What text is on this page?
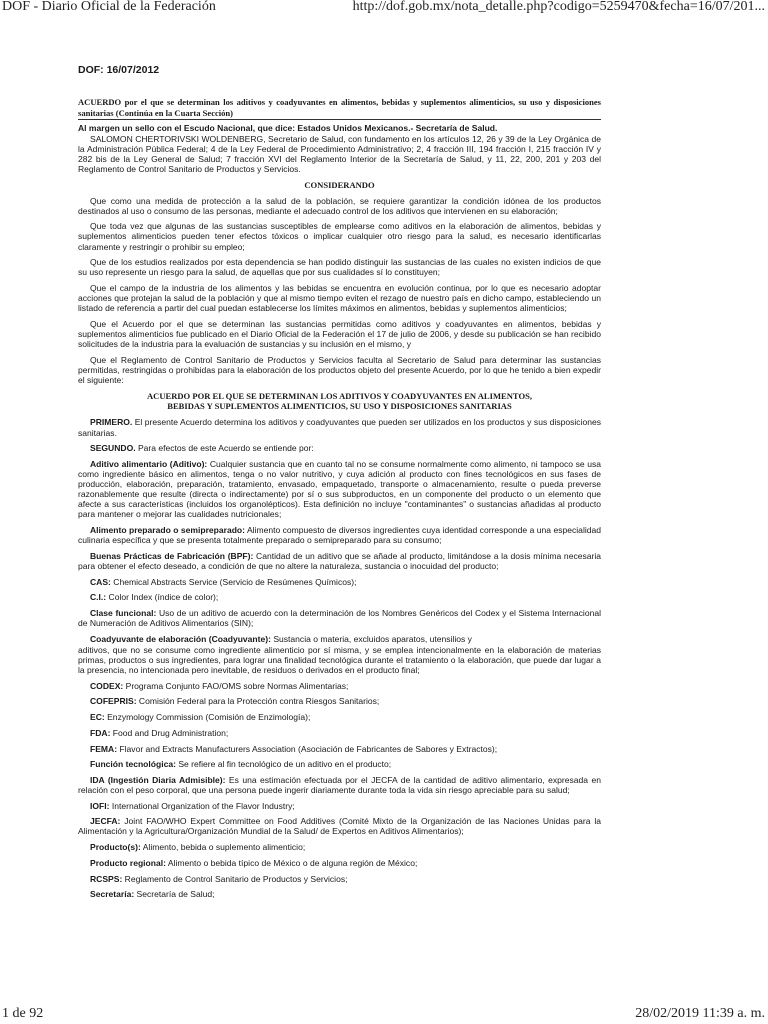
DOF - Diario Oficial de la Federación	http://dof.gob.mx/nota_detalle.php?codigo=5259470&fecha=16/07/201...
DOF: 16/07/2012
ACUERDO por el que se determinan los aditivos y coadyuvantes en alimentos, bebidas y suplementos alimenticios, su uso y disposiciones sanitarias (Continúa en la Cuarta Sección)
Al margen un sello con el Escudo Nacional, que dice: Estados Unidos Mexicanos.- Secretaría de Salud.

SALOMON CHERTORIVSKI WOLDENBERG, Secretario de Salud, con fundamento en los artículos 12, 26 y 39 de la Ley Orgánica de la Administración Pública Federal; 4 de la Ley Federal de Procedimiento Administrativo; 2, 4 fracción III, 194 fracción I, 215 fracción IV y 282 bis de la Ley General de Salud; 7 fracción XVI del Reglamento Interior de la Secretaría de Salud, y 11, 22, 200, 201 y 203 del Reglamento de Control Sanitario de Productos y Servicios.

CONSIDERANDO

Que como una medida de protección a la salud de la población, se requiere garantizar la condición idónea de los productos destinados al uso o consumo de las personas, mediante el adecuado control de los aditivos que intervienen en su elaboración;

Que toda vez que algunas de las sustancias susceptibles de emplearse como aditivos en la elaboración de alimentos, bebidas y suplementos alimenticios pueden tener efectos tóxicos o implicar cualquier otro riesgo para la salud, es necesario identificarlas claramente y restringir o prohibir su empleo;

Que de los estudios realizados por esta dependencia se han podido distinguir las sustancias de las cuales no existen indicios de que su uso represente un riesgo para la salud, de aquellas que por sus cualidades sí lo constituyen;

Que el campo de la industria de los alimentos y las bebidas se encuentra en evolución continua, por lo que es necesario adoptar acciones que protejan la salud de la población y que al mismo tiempo eviten el rezago de nuestro país en dicho campo, estableciendo un listado de referencia a partir del cual puedan establecerse los límites máximos en alimentos, bebidas y suplementos alimenticios;

Que el Acuerdo por el que se determinan las sustancias permitidas como aditivos y coadyuvantes en alimentos, bebidas y suplementos alimenticios fue publicado en el Diario Oficial de la Federación el 17 de julio de 2006, y desde su publicación se han recibido solicitudes de la industria para la evaluación de sustancias y su inclusión en el mismo, y

Que el Reglamento de Control Sanitario de Productos y Servicios faculta al Secretario de Salud para determinar las sustancias permitidas, restringidas o prohibidas para la elaboración de los productos objeto del presente Acuerdo, por lo que he tenido a bien expedir el siguiente:

ACUERDO POR EL QUE SE DETERMINAN LOS ADITIVOS Y COADYUVANTES EN ALIMENTOS,
BEBIDAS Y SUPLEMENTOS ALIMENTICIOS, SU USO Y DISPOSICIONES SANITARIAS

PRIMERO. El presente Acuerdo determina los aditivos y coadyuvantes que pueden ser utilizados en los productos y sus disposiciones sanitarias.

SEGUNDO. Para efectos de este Acuerdo se entiende por:

Aditivo alimentario (Aditivo): Cualquier sustancia que en cuanto tal no se consume normalmente como alimento, ni tampoco se usa como ingrediente básico en alimentos, tenga o no valor nutritivo, y cuya adición al producto con fines tecnológicos en sus fases de producción, elaboración, preparación, tratamiento, envasado, empaquetado, transporte o almacenamiento, resulte o pueda preverse razonablemente que resulte (directa o indirectamente) por sí o sus subproductos, en un componente del producto o un elemento que afecte a sus características (incluidos los organolépticos). Esta definición no incluye "contaminantes" o sustancias añadidas al producto para mantener o mejorar las cualidades nutricionales;

Alimento preparado o semipreparado: Alimento compuesto de diversos ingredientes cuya identidad corresponde a una especialidad culinaria específica y que se presenta totalmente preparado o semipreparado para su consumo;

Buenas Prácticas de Fabricación (BPF): Cantidad de un aditivo que se añade al producto, limitándose a la dosis mínima necesaria para obtener el efecto deseado, a condición de que no altere la naturaleza, sustancia o inocuidad del producto;

CAS: Chemical Abstracts Service (Servicio de Resúmenes Químicos);

C.I.: Color Index (índice de color);

Clase funcional: Uso de un aditivo de acuerdo con la determinación de los Nombres Genéricos del Codex y el Sistema Internacional de Numeración de Aditivos Alimentarios (SIN);

Coadyuvante de elaboración (Coadyuvante): Sustancia o materia, excluidos aparatos, utensilios y

aditivos, que no se consume como ingrediente alimenticio por sí misma, y se emplea intencionalmente en la elaboración de materias primas, productos o sus ingredientes, para lograr una finalidad tecnológica durante el tratamiento o la elaboración, que puede dar lugar a la presencia, no intencionada pero inevitable, de residuos o derivados en el producto final;

CODEX: Programa Conjunto FAO/OMS sobre Normas Alimentarias;

COFEPRIS: Comisión Federal para la Protección contra Riesgos Sanitarios;

EC: Enzymology Commission (Comisión de Enzimología);

FDA: Food and Drug Administration;

FEMA: Flavor and Extracts Manufacturers Association (Asociación de Fabricantes de Sabores y Extractos);

Función tecnológica: Se refiere al fin tecnológico de un aditivo en el producto;

IDA (Ingestión Diaria Admisible): Es una estimación efectuada por el JECFA de la cantidad de aditivo alimentario, expresada en relación con el peso corporal, que una persona puede ingerir diariamente durante toda la vida sin riesgo apreciable para su salud;

IOFI: International Organization of the Flavor Industry;

JECFA: Joint FAO/WHO Expert Committee on Food Additives (Comité Mixto de la Organización de las Naciones Unidas para la Alimentación y la Agricultura/Organización Mundial de la Salud/ de Expertos en Aditivos Alimentarios);

Producto(s): Alimento, bebida o suplemento alimenticio;

Producto regional: Alimento o bebida típico de México o de alguna región de México;

RCSPS: Reglamento de Control Sanitario de Productos y Servicios;

Secretaría: Secretaría de Salud;

1 de 92	28/02/2019 11:39 a. m.
